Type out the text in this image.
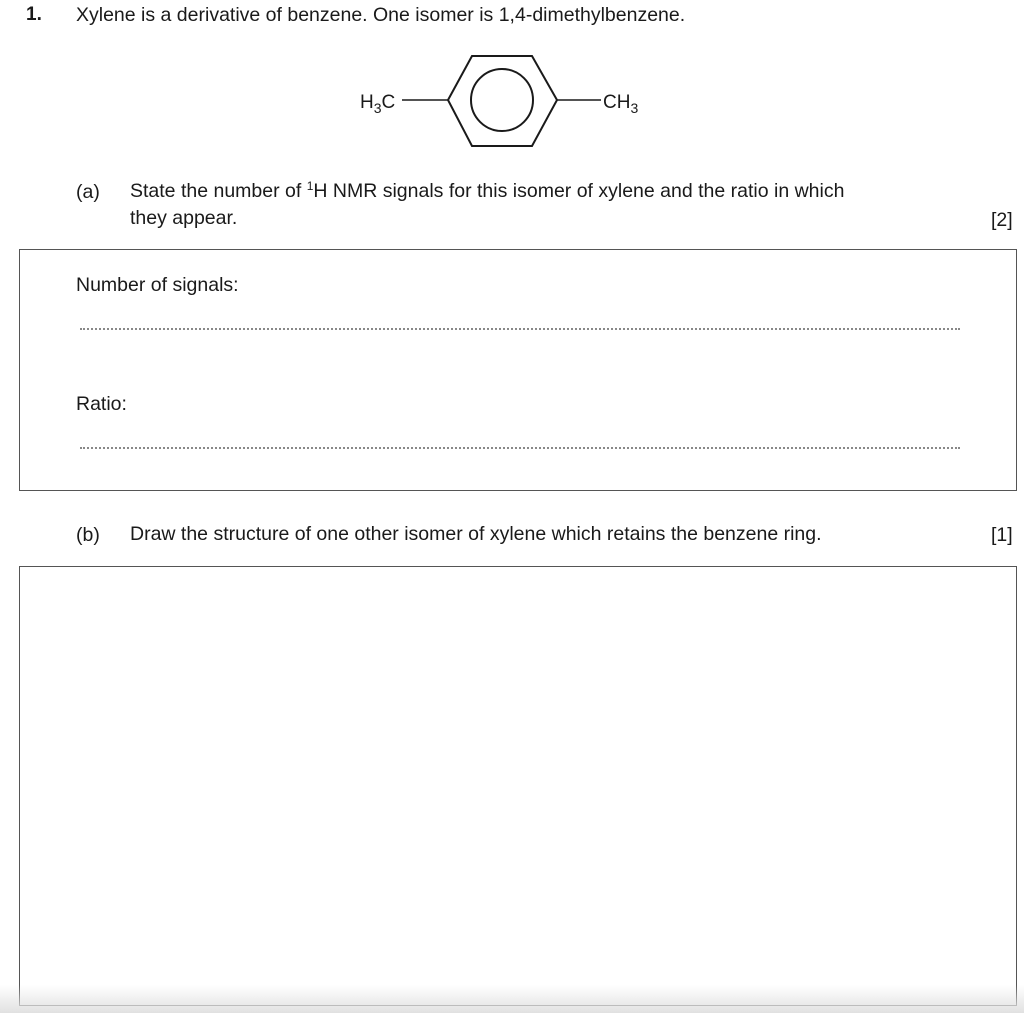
1. Xylene is a derivative of benzene. One isomer is 1,4-dimethylbenzene.
$H_3C$	$CH_3$
(a) State the number of $^1$H NMR signals for this isomer of xylene and the ratio in which
they appear.	[2]
Number of signals:
Ratio:
(b) Draw the structure of one other isomer of xylene which retains the benzene ring.	[1]
